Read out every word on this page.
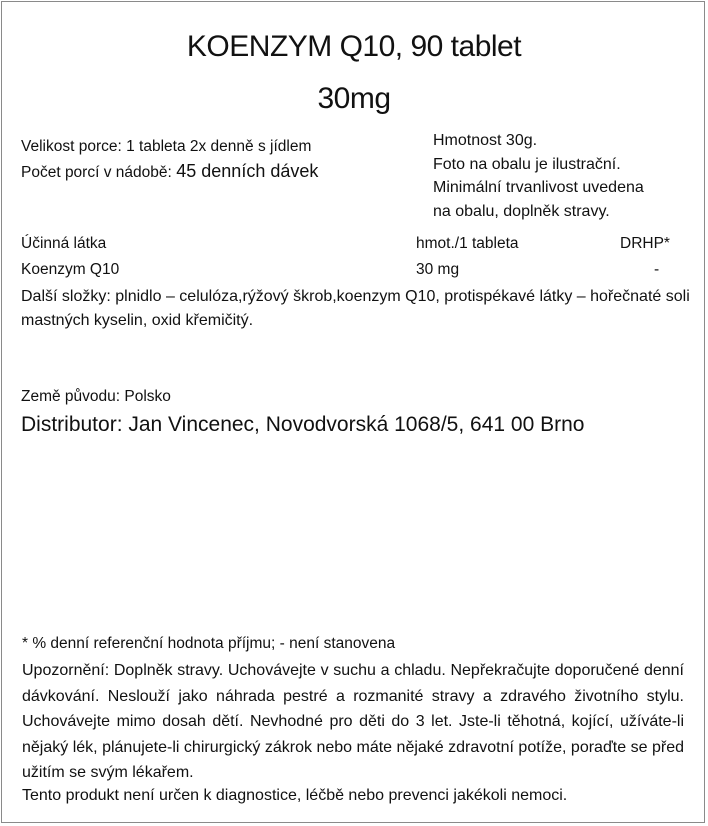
KOENZYM Q10, 90 tablet
30mg
Velikost porce: 1 tableta 2x denně s jídlem
Počet porcí v nádobě: 45 denních dávek
Hmotnost 30g.
Foto na obalu je ilustrační.
Minimální trvanlivost uvedena
na obalu, doplněk stravy.
Účinná látka	hmot./1 tableta	DRHP*
Koenzym Q10	30 mg	-
Další složky: plnidlo – celulóza,rýžový škrob,koenzym Q10, protispékavé látky – hořečnaté soli mastných kyselin, oxid křemičitý.
Země původu: Polsko
Distributor: Jan Vincenec, Novodvorská 1068/5, 641 00 Brno
* % denní referenční hodnota příjmu; - není stanovena
Upozornění: Doplněk stravy. Uchovávejte v suchu a chladu. Nepřekračujte doporučené denní dávkování. Neslouží jako náhrada pestré a rozmanité stravy a zdravého životního stylu. Uchovávejte mimo dosah dětí. Nevhodné pro děti do 3 let. Jste-li těhotná, kojící, užíváte-li nějaký lék, plánujete-li chirurgický zákrok nebo máte nějaké zdravotní potíže, poraďte se před užitím se svým lékařem.
Tento produkt není určen k diagnostice, léčbě nebo prevenci jakékoli nemoci.
